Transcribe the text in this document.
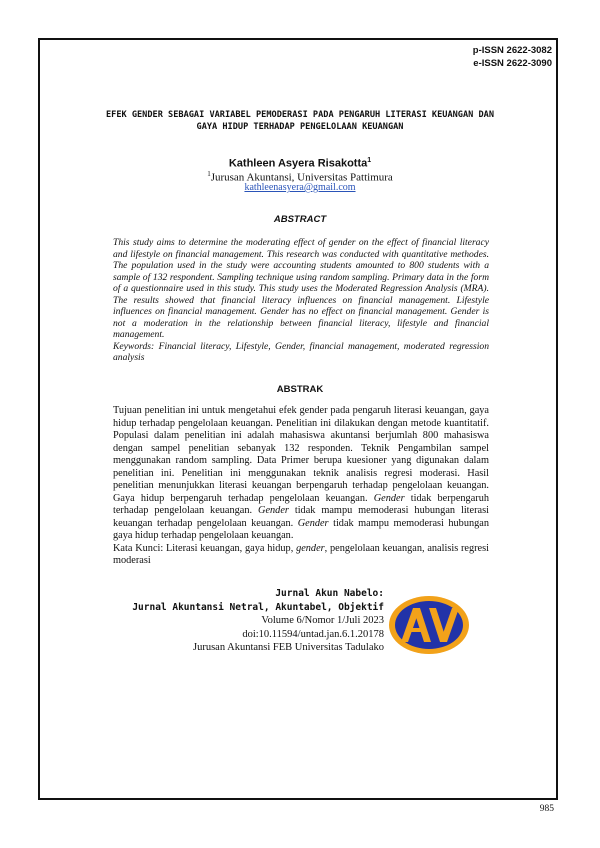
p-ISSN 2622-3082
e-ISSN 2622-3090
EFEK GENDER SEBAGAI VARIABEL PEMODERASI PADA PENGARUH LITERASI KEUANGAN DAN GAYA HIDUP TERHADAP PENGELOLAAN KEUANGAN
Kathleen Asyera Risakotta$^1$
$^1$Jurusan Akuntansi, Universitas Pattimura
kathleenasyera@gmail.com
ABSTRACT
This study aims to determine the moderating effect of gender on the effect of financial literacy and lifestyle on financial management. This research was conducted with quantitative methodes. The population used in the study were accounting students amounted to 800 students with a sample of 132 respondent. Sampling technique using random sampling. Primary data in the form of a questionnaire used in this study. This study uses the Moderated Regression Analysis (MRA). The results showed that financial literacy influences on financial management. Lifestyle influences on financial management. Gender has no effect on financial management. Gender is not a moderation in the relationship between financial literacy, lifestyle and financial management.
Keywords: Financial literacy, Lifestyle, Gender, financial management, moderated regression analysis
ABSTRAK
Tujuan penelitian ini untuk mengetahui efek gender pada pengaruh literasi keuangan, gaya hidup terhadap pengelolaan keuangan. Penelitian ini dilakukan dengan metode kuantitatif. Populasi dalam penelitian ini adalah mahasiswa akuntansi berjumlah 800 mahasiswa dengan sampel penelitian sebanyak 132 responden. Teknik Pengambilan sampel menggunakan random sampling. Data Primer berupa kuesioner yang digunakan dalam penelitian ini. Penelitian ini menggunakan teknik analisis regresi moderasi. Hasil penelitian menunjukkan literasi keuangan berpengaruh terhadap pengelolaan keuangan. Gaya hidup berpengaruh terhadap pengelolaan keuangan. Gender tidak berpengaruh terhadap pengelolaan keuangan. Gender tidak mampu memoderasi hubungan literasi keuangan terhadap pengelolaan keuangan. Gender tidak mampu memoderasi hubungan gaya hidup terhadap pengelolaan keuangan.
Kata Kunci: Literasi keuangan, gaya hidup, gender, pengelolaan keuangan, analisis regresi moderasi
Jurnal Akun Nabelo:
Jurnal Akuntansi Netral, Akuntabel, Objektif
Volume 6/Nomor 1/Juli 2023
doi:10.11594/untad.jan.6.1.20178
Jurusan Akuntansi FEB Universitas Tadulako
985
